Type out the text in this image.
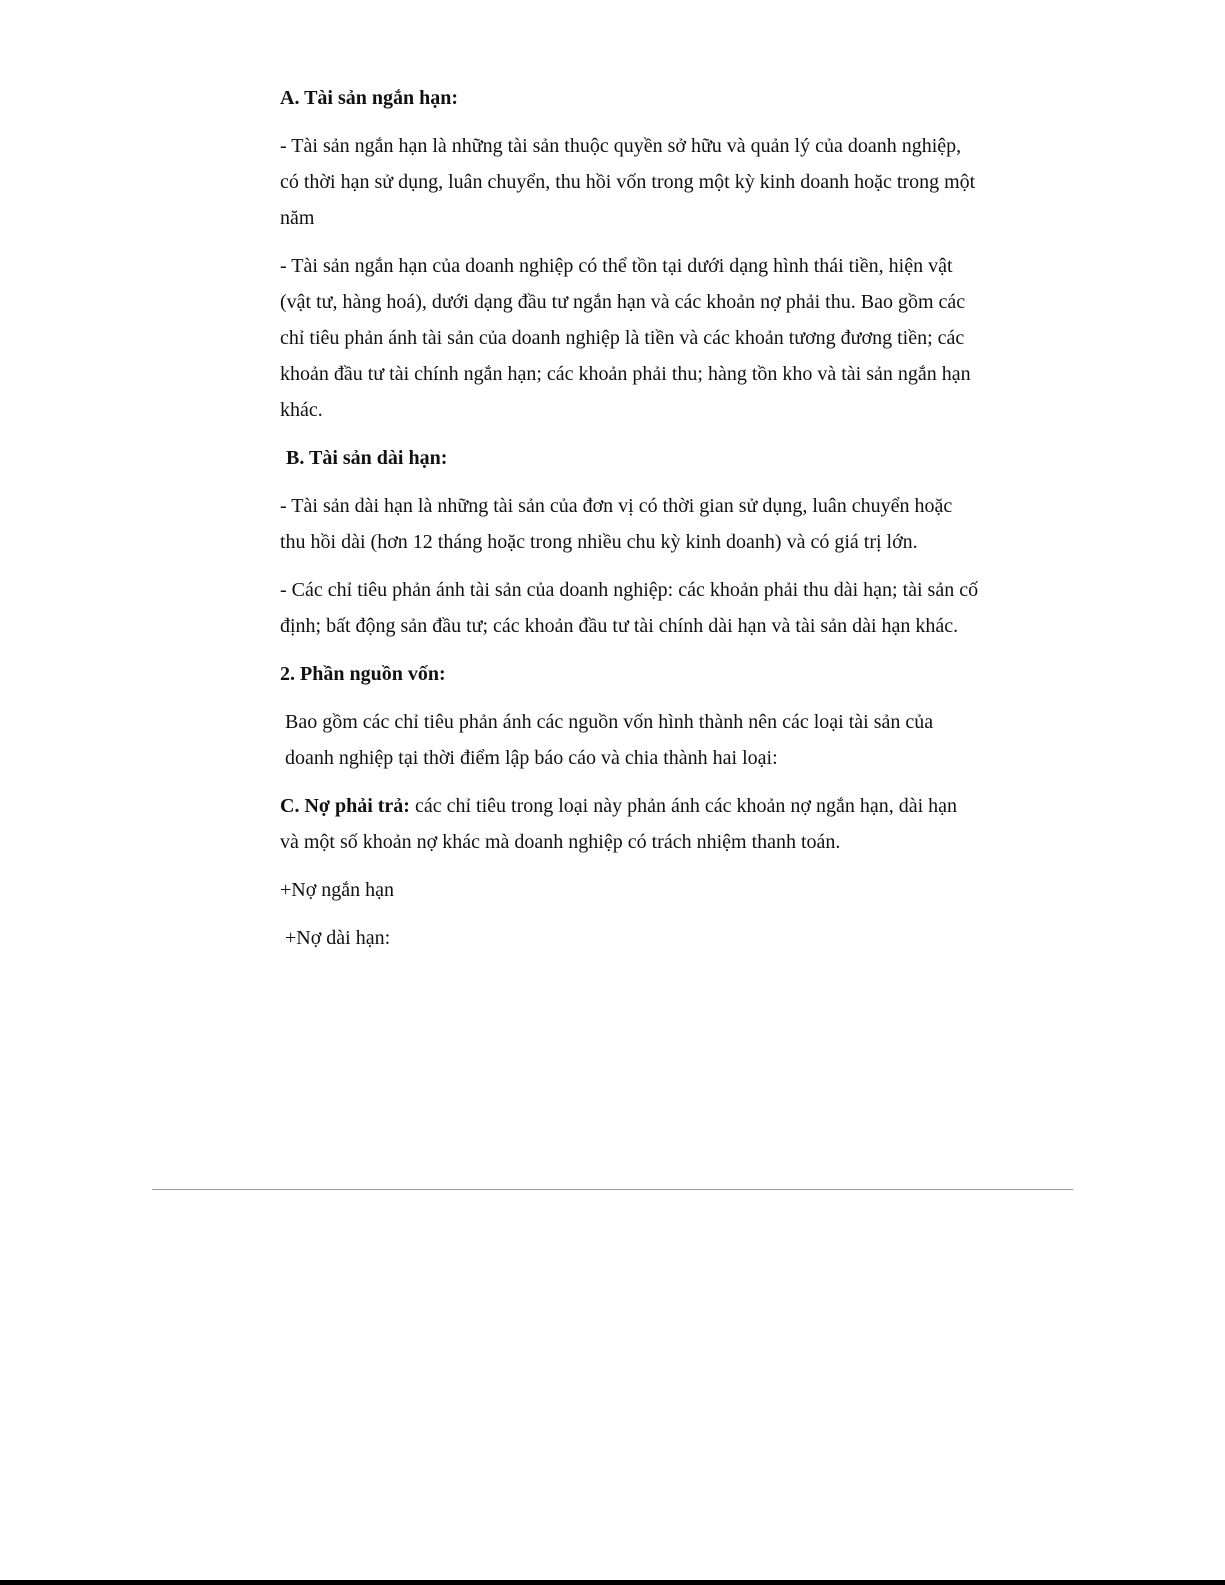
A. Tài sản ngắn hạn:

- Tài sản ngắn hạn là những tài sản thuộc quyền sở hữu và quản lý của doanh nghiệp, có thời hạn sử dụng, luân chuyển, thu hồi vốn trong một kỳ kinh doanh hoặc trong một năm

- Tài sản ngắn hạn của doanh nghiệp có thể tồn tại dưới dạng hình thái tiền, hiện vật (vật tư, hàng hoá), dưới dạng đầu tư ngắn hạn và các khoản nợ phải thu. Bao gồm các chỉ tiêu phản ánh tài sản của doanh nghiệp là tiền và các khoản tương đương tiền; các khoản đầu tư tài chính ngắn hạn; các khoản phải thu; hàng tồn kho và tài sản ngắn hạn khác.

B. Tài sản dài hạn:

- Tài sản dài hạn là những tài sản của đơn vị có thời gian sử dụng, luân chuyển hoặc thu hồi dài (hơn 12 tháng hoặc trong nhiều chu kỳ kinh doanh) và có giá trị lớn.

- Các chỉ tiêu phản ánh tài sản của doanh nghiệp: các khoản phải thu dài hạn; tài sản cố định; bất động sản đầu tư; các khoản đầu tư tài chính dài hạn và tài sản dài hạn khác.

2. Phần nguồn vốn:

Bao gồm các chỉ tiêu phản ánh các nguồn vốn hình thành nên các loại tài sản của doanh nghiệp tại thời điểm lập báo cáo và chia thành hai loại:

C. Nợ phải trả: các chỉ tiêu trong loại này phản ánh các khoản nợ ngắn hạn, dài hạn và một số khoản nợ khác mà doanh nghiệp có trách nhiệm thanh toán.

+Nợ ngắn hạn

+Nợ dài hạn:
